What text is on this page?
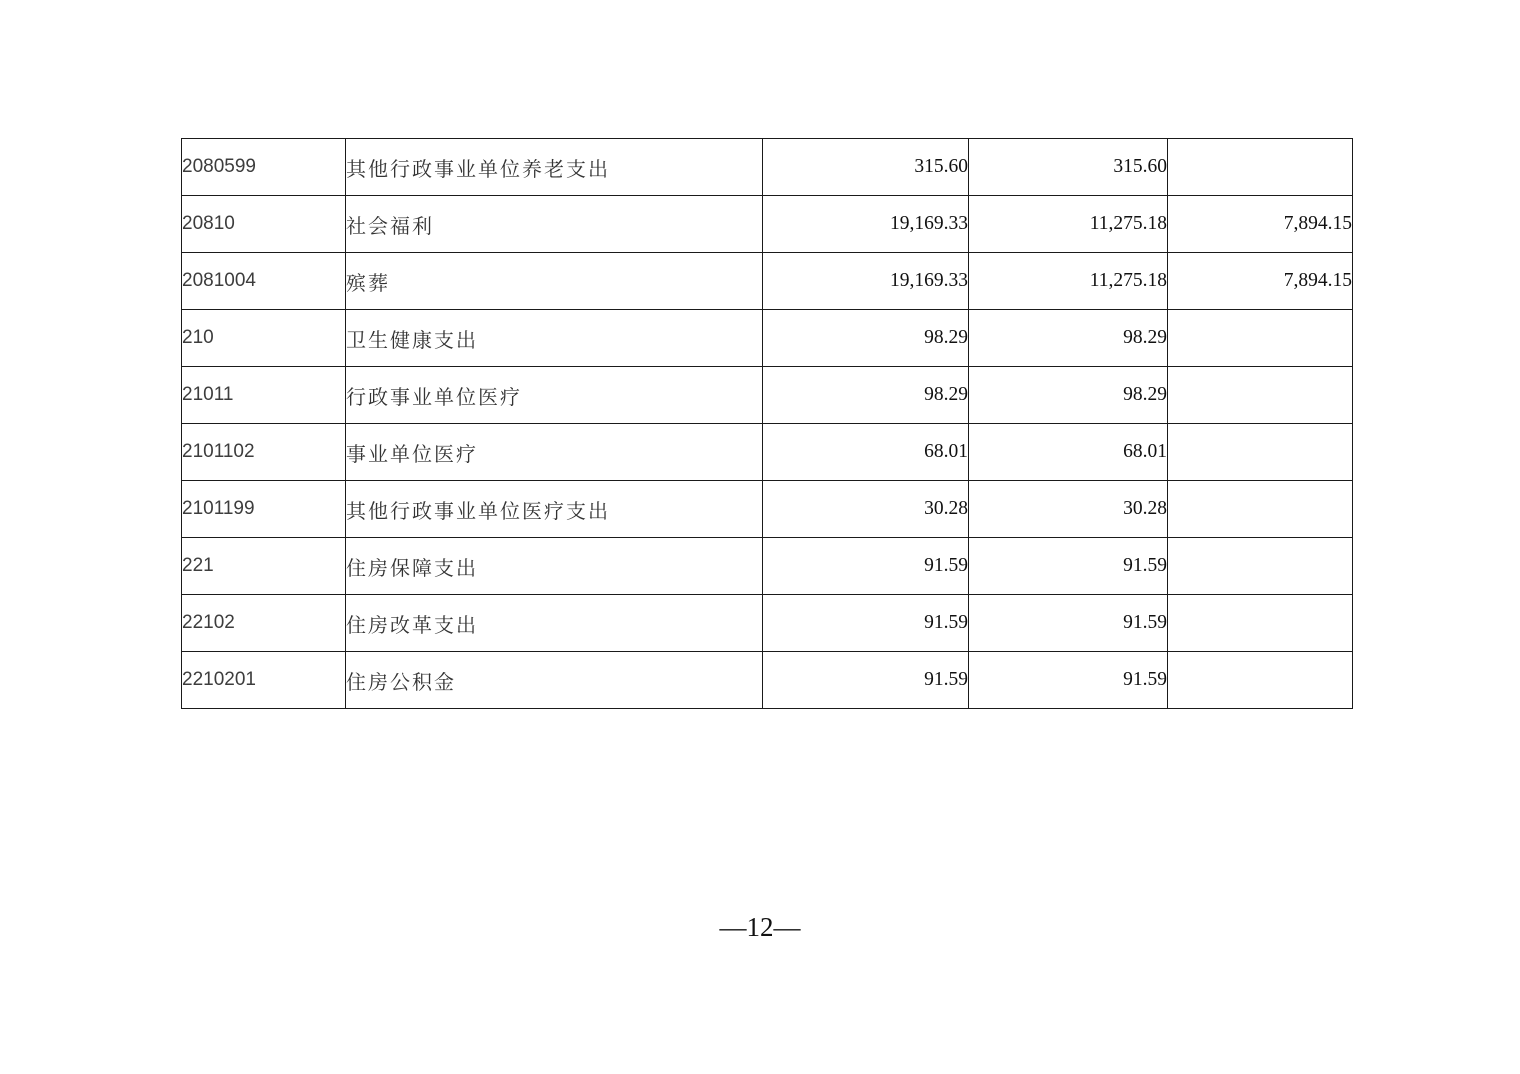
2080599	其他行政事业单位养老支出	315.60	315.60	
20810	社会福利	19,169.33	11,275.18	7,894.15
2081004	殡葬	19,169.33	11,275.18	7,894.15
210	卫生健康支出	98.29	98.29	
21011	行政事业单位医疗	98.29	98.29	
2101102	事业单位医疗	68.01	68.01	
2101199	其他行政事业单位医疗支出	30.28	30.28	
221	住房保障支出	91.59	91.59	
22102	住房改革支出	91.59	91.59	
2210201	住房公积金	91.59	91.59	
—12—
